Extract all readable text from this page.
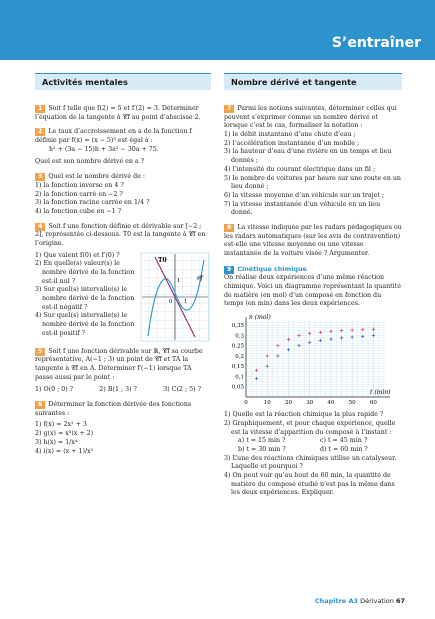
S’entraîner
Activités mentales
1 Soit f telle que f(2) = 5 et f′(2) = 3. Déterminer l’équation de la tangente à 𝒞f au point d’abscisse 2.
2 Le taux d’accroissement en a de la fonction f définie par f(x) = (x − 5)³ est égal à :
h² + (3a − 15)h + 3a² − 30a + 75.
Quel est son nombre dérivé en a ?
3 Quel est le nombre dérivé de :
1) la fonction inverse en 4 ?
2) la fonction carré en −2 ?
3) la fonction racine carrée en 1/4 ?
4) la fonction cube en −1 ?
4 Soit f une fonction définie et dérivable sur [−2 ; 2], représentée ci-dessous. T0 est la tangente à 𝒞f en l’origine.
1) Que valent f(0) et f′(0) ?
2) En quelle(s) valeur(s) le nombre dérivé de la fonction est-il nul ?
3) Sur quel(s) intervalle(s) le nombre dérivé de la fonction est-il négatif ?
4) Sur quel(s) intervalle(s) le nombre dérivé de la fonction est-il positif ?
T0
𝒞f
1
0 1
5 Soit f une fonction dérivable sur ℝ, 𝒞f sa courbe représentative, A(−1 ; 3) un point de 𝒞f et TA la tangente à 𝒞f en A. Déterminer f′(−1) lorsque TA passe aussi par le point :
1) O(0 ; 0) ?	2) B(1 ; 3) ?	3) C(2 ; 5) ?
6 Déterminer la fonction dérivée des fonctions suivantes :
1) f(x) = 2x² + 3
2) g(x) = x³(x + 2)
3) h(x) = 1/x⁴
4) i(x) = (x + 1)/x²
Nombre dérivé et tangente
7 Parmi les notions suivantes, déterminer celles qui peuvent s’exprimer comme un nombre dérivé et lorsque c’est le cas, formaliser la notation :
1) le débit instantané d’une chute d’eau ;
2) l’accélération instantanée d’un mobile ;
3) la hauteur d’eau d’une rivière en un temps et lieu donnés ;
4) l’intensité du courant électrique dans un fil ;
5) le nombre de voitures par heure sur une route en un lieu donné ;
6) la vitesse moyenne d’un véhicule sur un trajet ;
7) la vitesse instantanée d’un véhicule en un lieu donné.
8 La vitesse indiquée par les radars pédagogiques ou les radars automatiques (sur les avis de contravention) est-elle une vitesse moyenne ou une vitesse instantanée de la voiture visée ? Argumenter.
9 Cinétique chimique
On réalise deux expériences d’une même réaction chimique. Voici un diagramme représentant la quantité de matière (en mol) d’un composé en fonction du temps (en min) dans les deux expériences.
0	10	20	30	40	50	60
0,05
0,1
0,15
0,2
0,25
0,3
0,35
n (mol)
t (min)
1) Quelle est la réaction chimique la plus rapide ?
2) Graphiquement, et pour chaque expérience, quelle est la vitesse d’apparition du composé à l’instant :
a) t = 15 min ?	c) t = 45 min ?
b) t = 30 min ?	d) t = 60 min ?
3) L’une des réactions chimiques utilise un catalyseur. Laquelle et pourquoi ?
4) On peut voir qu’au bout de 60 min, la quantité de matière du composé étudié n’est pas la même dans les deux expériences. Expliquer.
Chapitre A3 Dérivation 67
